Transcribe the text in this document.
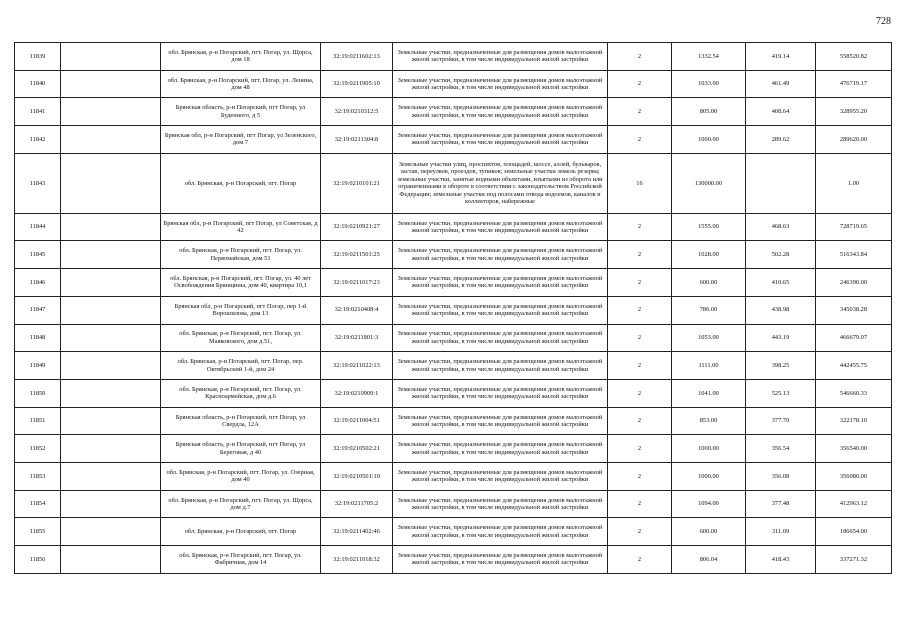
728
11839		обл. Брянская, р-н Погарский, пгт. Погар, ул. Щорса, дом 18	32:19:0211602:13	Земельные участки, предназначенные для размещения домов малоэтажной жилой застройки, в том числе индивидуальной жилой застройки	2	1332.54	419.14	558520.82
11840		обл. Брянская, р-н Погарский, пгт. Погар, ул. Ленина, дом 48	32:19:0211905:10	Земельные участки, предназначенные для размещения домов малоэтажной жилой застройки, в том числе индивидуальной жилой застройки	2	1033.00	461.49	476719.17
11841		Брянская область, р-н Погарский, пгт Погар, ул Буденного, д 5	32:19:0210312:5	Земельные участки, предназначенные для размещения домов малоэтажной жилой застройки, в том числе индивидуальной жилой застройки	2	805.00	408.64	328955.20
11842		Брянская обл, р-н Погарский, пгт Погар, ул Зеленского, дом 7	32:19:0211304:8	Земельные участки, предназначенные для размещения домов малоэтажной жилой застройки, в том числе индивидуальной жилой застройки	2	1000.00	289.62	289620.00
11843		обл. Брянская, р-н Погарский, пгт. Погар	32:19:0210101:21	Земельные участки улиц, проспектов, площадей, шоссе, аллей, бульваров, застав, переулков, проездов, тупиков; земельные участки земель резерва; земельные участки, занятые водными объектами, изъятыми из оборота или ограниченными в обороте в соответствии с законодательством Российской Федерации; земельные участки под полосами отвода водоемов, каналов и коллекторов, набережные	16	130000.00		1.00
11844		Брянская обл, р-н Погарский, пгт Погар, ул Советская, д 42	32:19:0210921:27	Земельные участки, предназначенные для размещения домов малоэтажной жилой застройки, в том числе индивидуальной жилой застройки	2	1555.00	468.63	728719.65
11845		обл. Брянская, р-н Погарский, пгт. Погар, ул. Первомайская, дом 51	32:19:0211501:25	Земельные участки, предназначенные для размещения домов малоэтажной жилой застройки, в том числе индивидуальной жилой застройки	2	1028.00	502.28	516343.84
11846		обл. Брянская, р-н Погарский, пгт. Погар, ул. 40 лет Освобождения Брянщины, дом 40, квартира 10,1	32:19:0211017:23	Земельные участки, предназначенные для размещения домов малоэтажной жилой застройки, в том числе индивидуальной жилой застройки	2	600.00	410.65	246390.00
11847		Брянская обл, р-н Погарский, пгт Погар, пер 1-й Ворошилова, дом 13	32:19:0210408:4	Земельные участки, предназначенные для размещения домов малоэтажной жилой застройки, в том числе индивидуальной жилой застройки	2	786.00	438.98	345038.28
11848		обл. Брянская, р-н Погарский, пгт. Погар, ул. Маяковского, дом д.51,	32:19:0211801:3	Земельные участки, предназначенные для размещения домов малоэтажной жилой застройки, в том числе индивидуальной жилой застройки	2	1053.00	443.19	466679.07
11849		обл. Брянская, р-н Погарский, пгт. Погар, пер. Октябрьский 1-й, дом 24	32:19:0211022:13	Земельные участки, предназначенные для размещения домов малоэтажной жилой застройки, в том числе индивидуальной жилой застройки	2	1111.00	398.25	442455.75
11850		обл. Брянская, р-н Погарский, пгт. Погар, ул. Красноармейская, дом д.6	32:19:0210909:1	Земельные участки, предназначенные для размещения домов малоэтажной жилой застройки, в том числе индивидуальной жилой застройки	2	1041.00	525.13	546660.33
11851		Брянская область, р-н Погарский, пгт Погар, ул Свердла, 12А	32:19:0211004:51	Земельные участки, предназначенные для размещения домов малоэтажной жилой застройки, в том числе индивидуальной жилой застройки	2	853.00	377.70	322178.10
11852		Брянская область, р-н Погарский, пгт Погар, ул Береговая, д 40	32:19:0210502:21	Земельные участки, предназначенные для размещения домов малоэтажной жилой застройки, в том числе индивидуальной жилой застройки	2	1000.00	356.54	356540.00
11853		обл. Брянская, р-н Погарский, пгт. Погар, ул. Озерная, дом 40	32:19:0210501:10	Земельные участки, предназначенные для размещения домов малоэтажной жилой застройки, в том числе индивидуальной жилой застройки	2	1000.00	356.08	356080.00
11854		обл. Брянская, р-н Погарский, пгт. Погар, ул. Щорса, дом д.7	32:19:0211705:2	Земельные участки, предназначенные для размещения домов малоэтажной жилой застройки, в том числе индивидуальной жилой застройки	2	1094.00	377.48	412963.12
11855		обл. Брянская, р-н Погарский, пгт. Погар	32:19:0211402:46	Земельные участки, предназначенные для размещения домов малоэтажной жилой застройки, в том числе индивидуальной жилой застройки	2	600.00	311.09	186654.00
11856		обл. Брянская, р-н Погарский, пгт. Погар, ул. Фабричная, дом 14	32:19:0211018:32	Земельные участки, предназначенные для размещения домов малоэтажной жилой застройки, в том числе индивидуальной жилой застройки	2	806.04	418.43	337271.32
